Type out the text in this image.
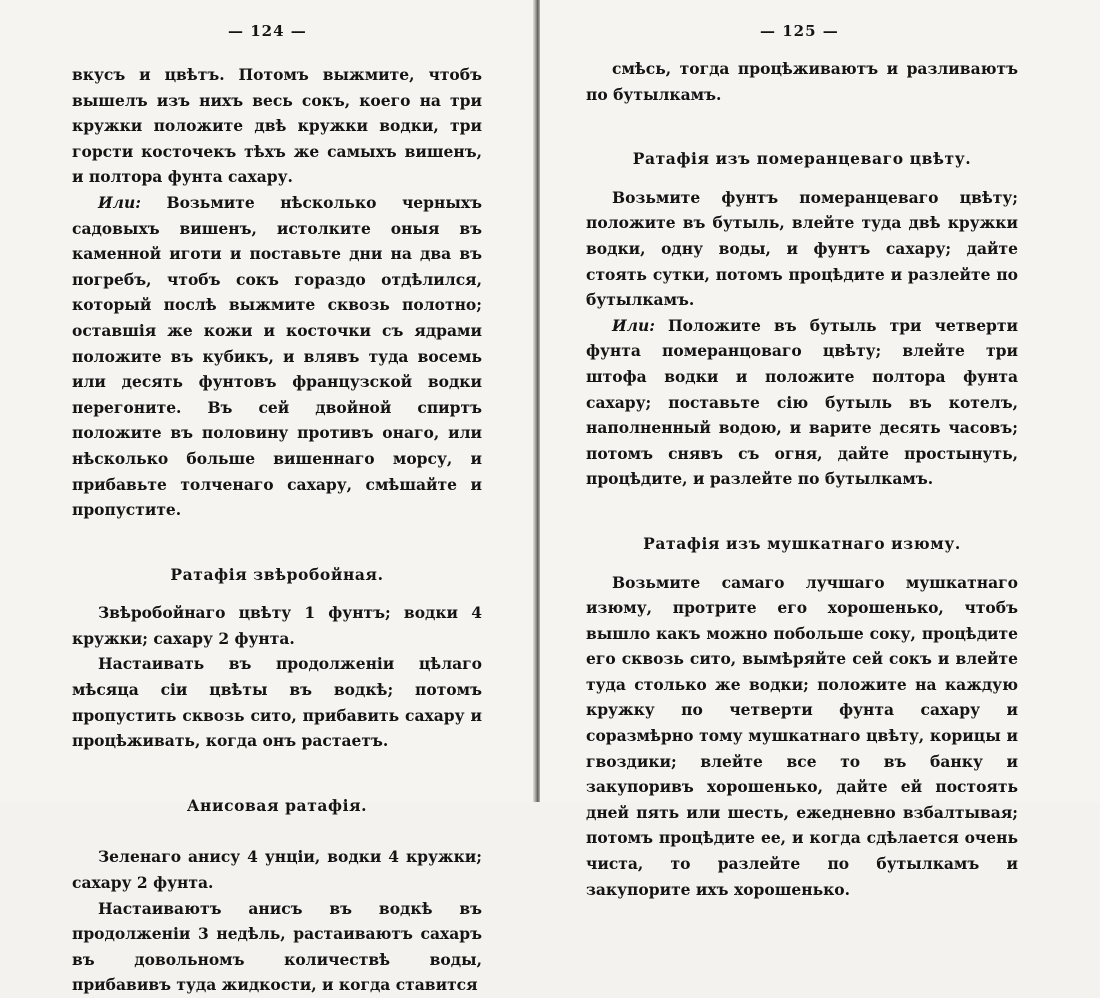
— 124 —

вкусъ и цвѣтъ. Потомъ выжмите, чтобъ вышелъ изъ нихъ весь сокъ, коего на три кружки положите двѣ кружки водки, три горсти косточекъ тѣхъ же самыхъ вишенъ, и полтора фунта сахару.

Или: Возьмите нѣсколько черныхъ садовыхъ вишенъ, истолките оныя въ каменной иготи и поставьте дни на два въ погребъ, чтобъ сокъ гораздо отдѣлился, который послѣ выжмите сквозь полотно; оставшія же кожи и косточки съ ядрами положите въ кубикъ, и влявъ туда восемь или десять фунтовъ французской водки перегоните. Въ сей двойной спиртъ положите въ половину противъ онаго, или нѣсколько больше вишеннаго морсу, и прибавьте толченаго сахару, смѣшайте и пропустите.

Ратафія звѣробойная.

Звѣробойнаго цвѣту 1 фунтъ; водки 4 кружки; сахару 2 фунта.

Настаивать въ продолженіи цѣлаго мѣсяца сіи цвѣты въ водкѣ; потомъ пропустить сквозь сито, прибавить сахару и процѣживать, когда онъ растаетъ.

Анисовая ратафія.

Зеленаго анису 4 унціи, водки 4 кружки; сахару 2 фунта.

Настаиваютъ анисъ въ водкѣ въ продолженіи 3 недѣль, растаиваютъ сахаръ въ довольномъ количествѣ воды, прибавивъ туда жидкости, и когда ставится

— 125 —

смѣсь, тогда процѣживаютъ и разливаютъ по бутылкамъ.

Ратафія изъ померанцеваго цвѣту.

Возьмите фунтъ померанцеваго цвѣту; положите въ бутыль, влейте туда двѣ кружки водки, одну воды, и фунтъ сахару; дайте стоять сутки, потомъ процѣдите и разлейте по бутылкамъ.

Или: Положите въ бутыль три четверти фунта померанцоваго цвѣту; влейте три штофа водки и положите полтора фунта сахару; поставьте сію бутыль въ котелъ, наполненный водою, и варите десять часовъ; потомъ снявъ съ огня, дайте простынуть, процѣдите, и разлейте по бутылкамъ.

Ратафія изъ мушкатнаго изюму.

Возьмите самаго лучшаго мушкатнаго изюму, протрите его хорошенько, чтобъ вышло какъ можно побольше соку, процѣдите его сквозь сито, вымѣряйте сей сокъ и влейте туда столько же водки; положите на каждую кружку по четверти фунта сахару и соразмѣрно тому мушкатнаго цвѣту, корицы и гвоздики; влейте все то въ банку и закупоривъ хорошенько, дайте ей постоять дней пять или шесть, ежедневно взбалтывая; потомъ процѣдите ее, и когда сдѣлается очень чиста, то разлейте по бутылкамъ и закупорите ихъ хорошенько.
